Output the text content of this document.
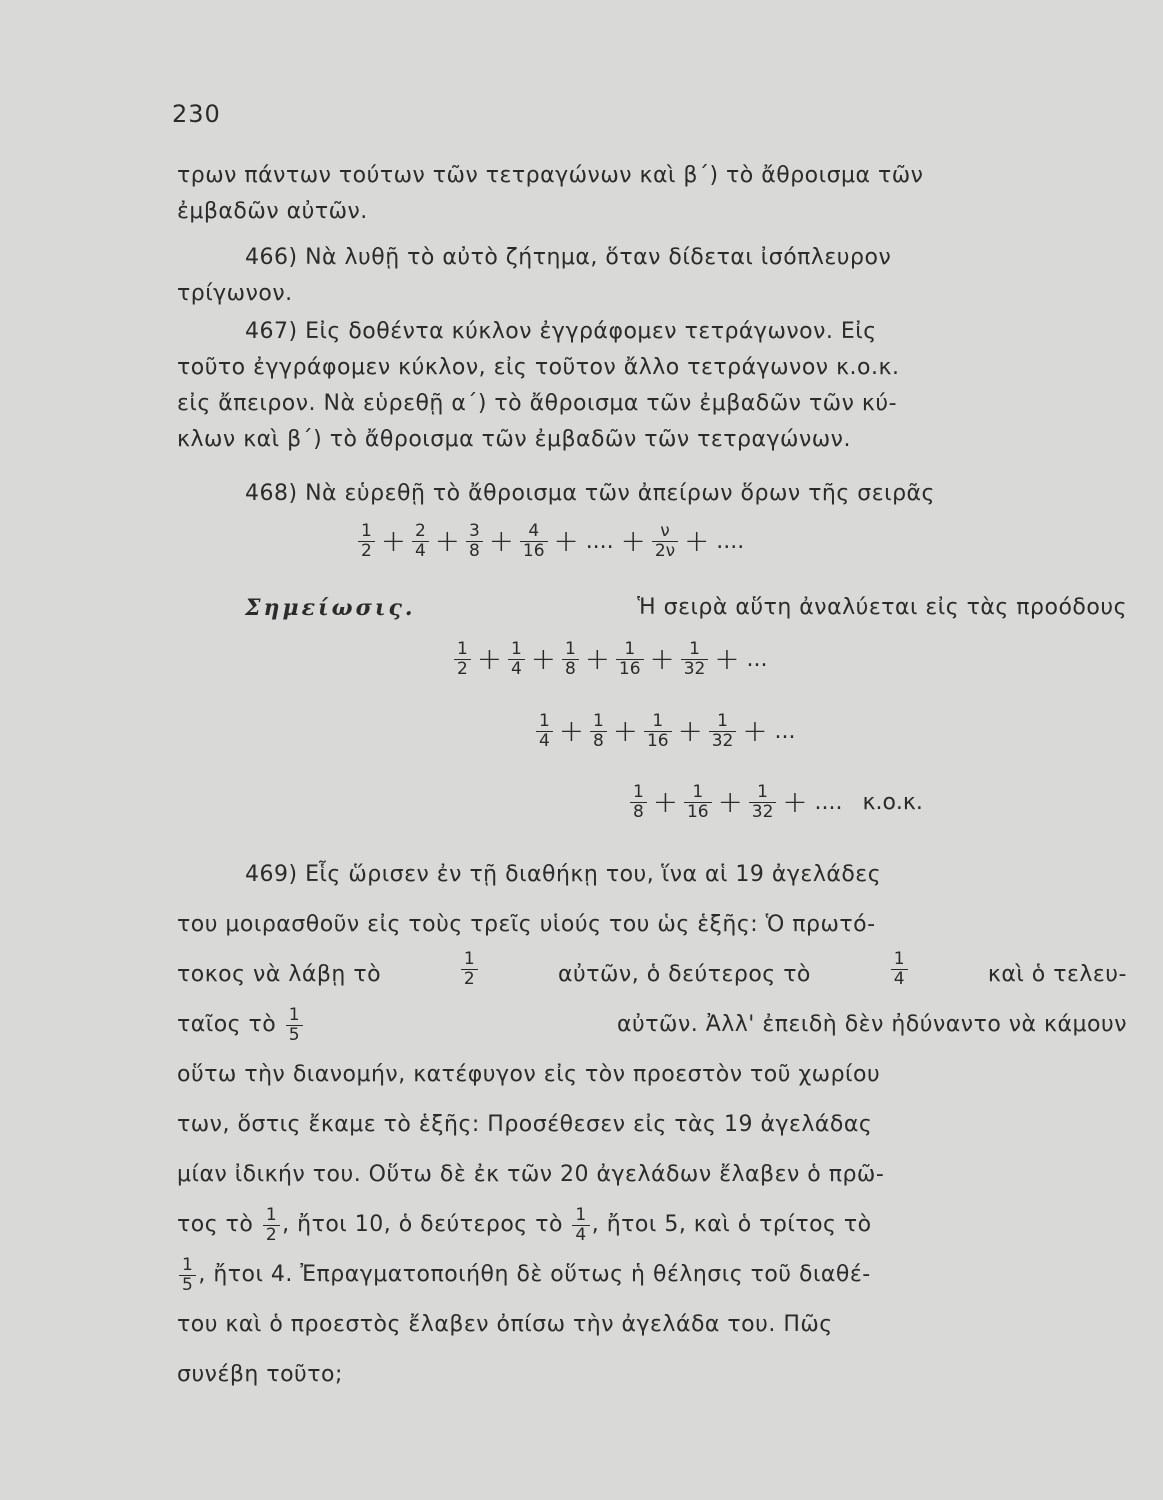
230
τρων πάντων τούτων τῶν τετραγώνων καὶ β΄) τὸ ἄθροισμα τῶν
ἐμβαδῶν αὐτῶν.
466) Νὰ λυθῇ τὸ αὐτὸ ζήτημα, ὅταν δίδεται ἰσόπλευρον
τρίγωνον.
467) Εἰς δοθέντα κύκλον ἐγγράφομεν τετράγωνον. Εἰς
τοῦτο ἐγγράφομεν κύκλον, εἰς τοῦτον ἄλλο τετράγωνον κ.ο.κ.
εἰς ἄπειρον. Νὰ εὑρεθῇ α΄) τὸ ἄθροισμα τῶν ἐμβαδῶν τῶν κύ-
κλων καὶ β΄) τὸ ἄθροισμα τῶν ἐμβαδῶν τῶν τετραγώνων.
468) Νὰ εὑρεθῇ τὸ ἄθροισμα τῶν ἀπείρων ὅρων τῆς σειρᾶς
$\frac{1}{2} + \frac{2}{4} + \frac{3}{8} + \frac{4}{16}$ + .... + $\frac{\nu}{2\nu}$ + ....
Σημείωσις.	Ἡ σειρὰ αὕτη ἀναλύεται εἰς τὰς προόδους
$\frac{1}{2} + \frac{1}{4} + \frac{1}{8} + \frac{1}{16} + \frac{1}{32}$ + ...
$\frac{1}{4} + \frac{1}{8} + \frac{1}{16} + \frac{1}{32}$ + ...
$\frac{1}{8} + \frac{1}{16} + \frac{1}{32}$ + .... κ.ο.κ.
469) Εἷς ὥρισεν ἐν τῇ διαθήκῃ του, ἵνα αἱ 19 ἀγελάδες
του μοιρασθοῦν εἰς τοὺς τρεῖς υἱούς του ὡς ἑξῆς: Ὁ πρωτό-
τοκος νὰ λάβῃ τὸ	$\frac{1}{2}$	αὐτῶν, ὁ δεύτερος τὸ	$\frac{1}{4}$	καὶ ὁ τελευ-
ταῖος τὸ $\frac{1}{5}$	αὐτῶν. Ἀλλ' ἐπειδὴ δὲν ἠδύναντο νὰ κάμουν
οὕτω τὴν διανομήν, κατέφυγον εἰς τὸν προεστὸν τοῦ χωρίου
των, ὅστις ἔκαμε τὸ ἑξῆς: Προσέθεσεν εἰς τὰς 19 ἀγελάδας
μίαν ἰδικήν του. Οὕτω δὲ ἐκ τῶν 20 ἀγελάδων ἔλαβεν ὁ πρῶ-
τος τὸ $\frac{1}{2}$ , ἤτοι 10, ὁ δεύτερος τὸ $\frac{1}{4}$ , ἤτοι 5, καὶ ὁ τρίτος τὸ
$\frac{1}{5}$ , ἤτοι 4. Ἐπραγματοποιήθη δὲ οὕτως ἡ θέλησις τοῦ διαθέ-
του καὶ ὁ προεστὸς ἔλαβεν ὀπίσω τὴν ἀγελάδα του. Πῶς
συνέβη τοῦτο;
